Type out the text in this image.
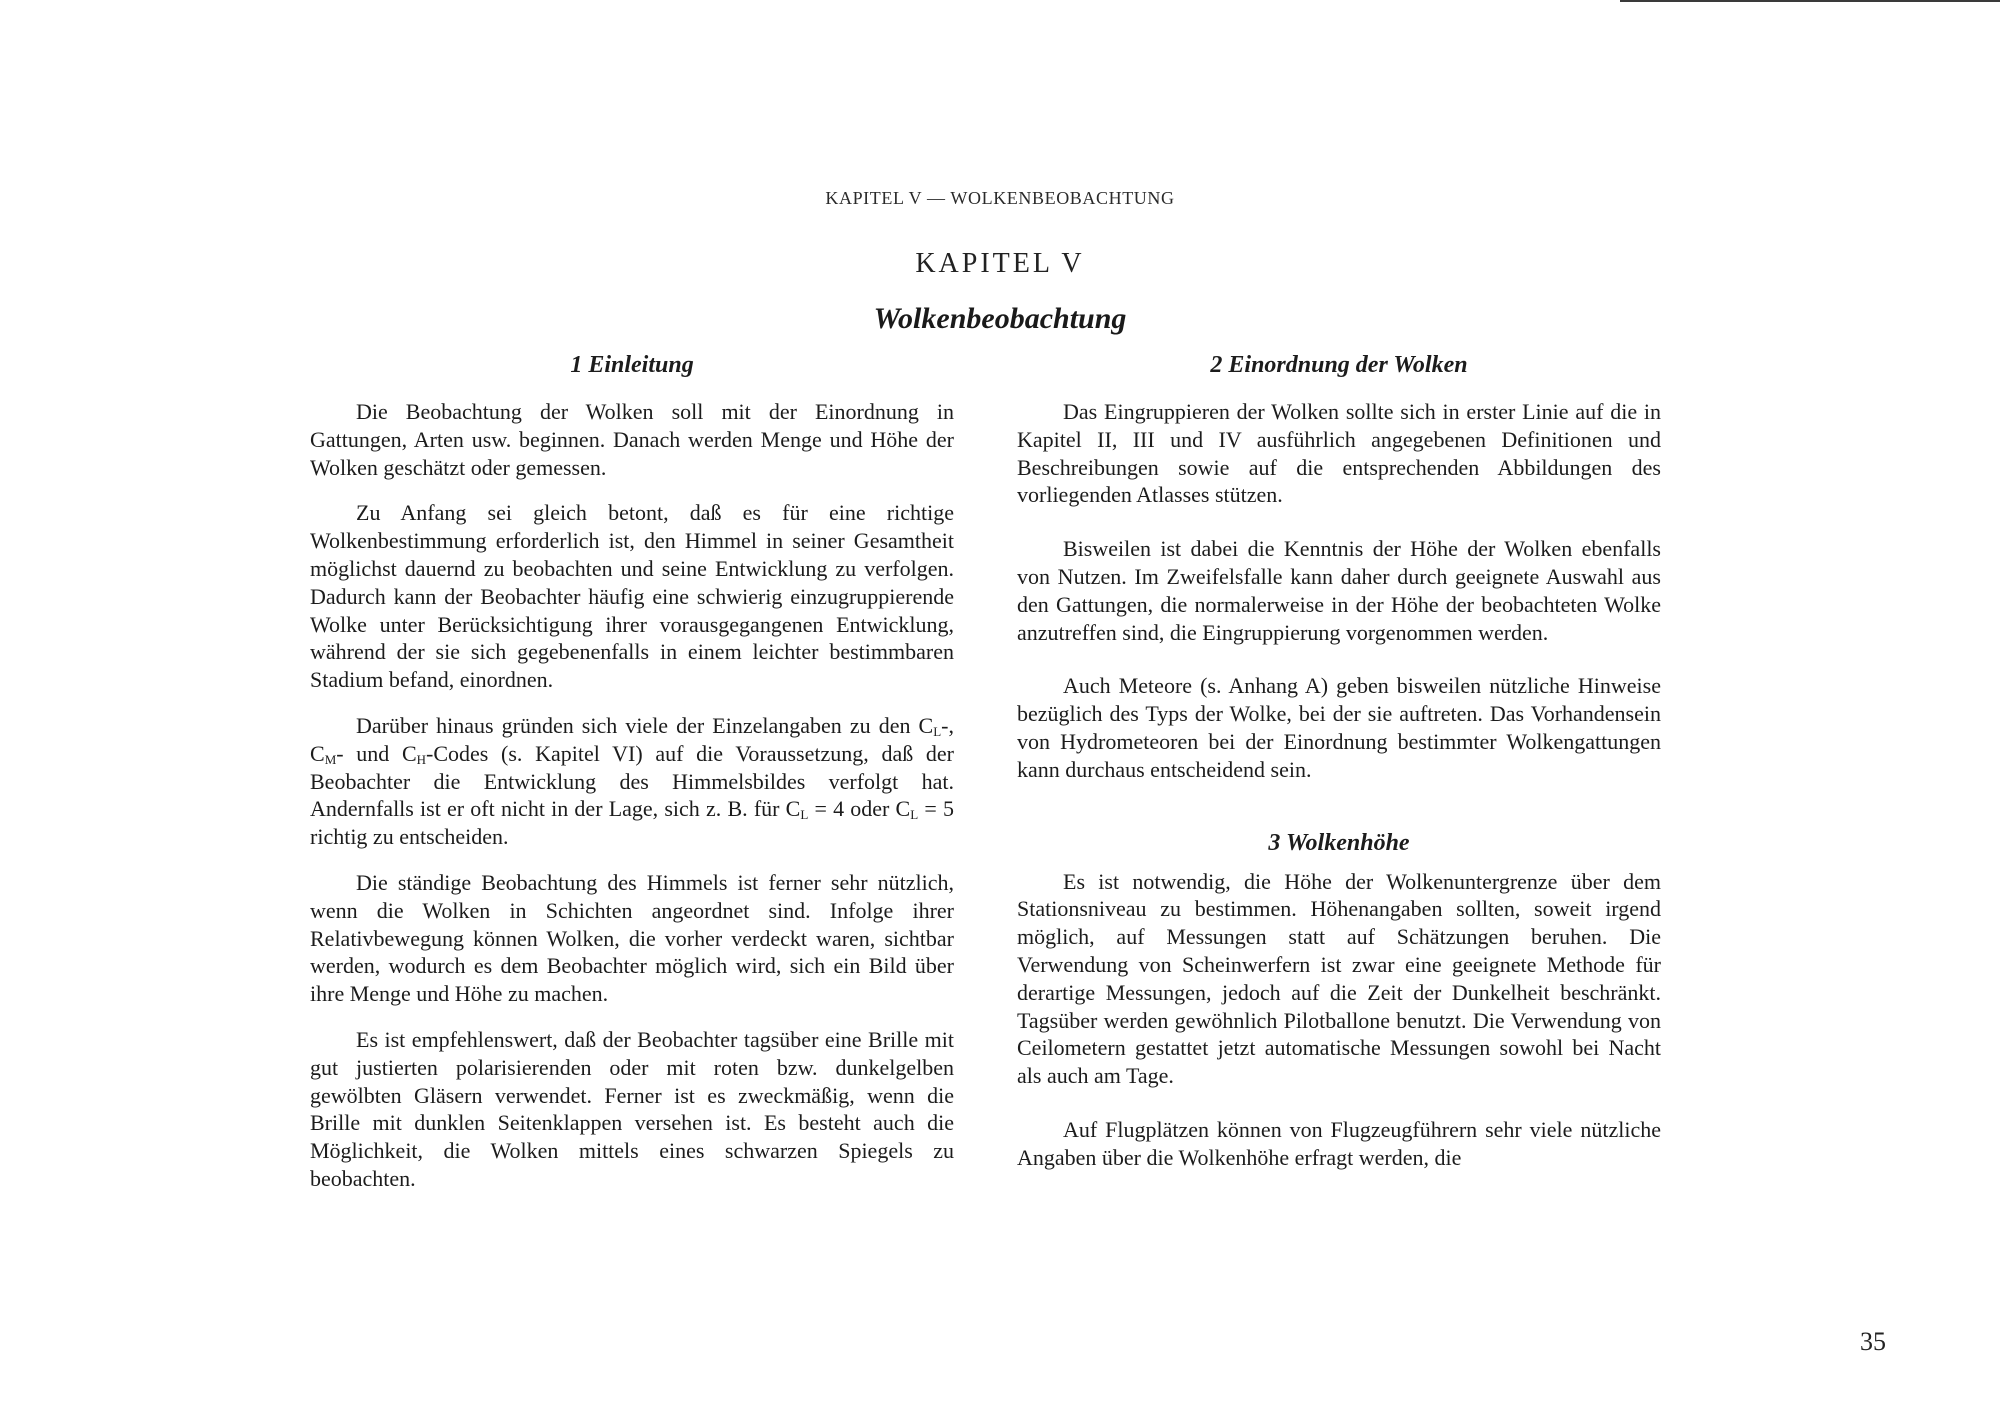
KAPITEL V — WOLKENBEOBACHTUNG
KAPITEL V
Wolkenbeobachtung
1 Einleitung

Die Beobachtung der Wolken soll mit der Einordnung in Gattungen, Arten usw. beginnen. Danach werden Menge und Höhe der Wolken geschätzt oder gemessen.

Zu Anfang sei gleich betont, daß es für eine richtige Wolkenbestimmung erforderlich ist, den Himmel in seiner Gesamtheit möglichst dauernd zu beobachten und seine Entwicklung zu verfolgen. Dadurch kann der Beobachter häufig eine schwierig einzugruppierende Wolke unter Berücksichtigung ihrer vorausgegangenen Entwicklung, während der sie sich gegebenenfalls in einem leichter bestimmbaren Stadium befand, einordnen.

Darüber hinaus gründen sich viele der Einzelangaben zu den $C_L-$, $C_M-$ und $C_H$-Codes (s. Kapitel VI) auf die Voraussetzung, daß der Beobachter die Entwicklung des Himmelsbildes verfolgt hat. Andernfalls ist er oft nicht in der Lage, sich z. B. für $C_L = 4$ oder $C_L = 5$ richtig zu entscheiden.

Die ständige Beobachtung des Himmels ist ferner sehr nützlich, wenn die Wolken in Schichten angeordnet sind. Infolge ihrer Relativbewegung können Wolken, die vorher verdeckt waren, sichtbar werden, wodurch es dem Beobachter möglich wird, sich ein Bild über ihre Menge und Höhe zu machen.

Es ist empfehlenswert, daß der Beobachter tagsüber eine Brille mit gut justierten polarisierenden oder mit roten bzw. dunkelgelben gewölbten Gläsern verwendet. Ferner ist es zweckmäßig, wenn die Brille mit dunklen Seitenklappen versehen ist. Es besteht auch die Möglichkeit, die Wolken mittels eines schwarzen Spiegels zu beobachten.

2 Einordnung der Wolken

Das Eingruppieren der Wolken sollte sich in erster Linie auf die in Kapitel II, III und IV ausführlich angegebenen Definitionen und Beschreibungen sowie auf die entsprechenden Abbildungen des vorliegenden Atlasses stützen.

Bisweilen ist dabei die Kenntnis der Höhe der Wolken ebenfalls von Nutzen. Im Zweifelsfalle kann daher durch geeignete Auswahl aus den Gattungen, die normalerweise in der Höhe der beobachteten Wolke anzutreffen sind, die Eingruppierung vorgenommen werden.

Auch Meteore (s. Anhang A) geben bisweilen nützliche Hinweise bezüglich des Typs der Wolke, bei der sie auftreten. Das Vorhandensein von Hydrometeoren bei der Einordnung bestimmter Wolkengattungen kann durchaus entscheidend sein.

3 Wolkenhöhe

Es ist notwendig, die Höhe der Wolkenuntergrenze über dem Stationsniveau zu bestimmen. Höhenangaben sollten, soweit irgend möglich, auf Messungen statt auf Schätzungen beruhen. Die Verwendung von Scheinwerfern ist zwar eine geeignete Methode für derartige Messungen, jedoch auf die Zeit der Dunkelheit beschränkt. Tagsüber werden gewöhnlich Pilotballone benutzt. Die Verwendung von Ceilometern gestattet jetzt automatische Messungen sowohl bei Nacht als auch am Tage.

Auf Flugplätzen können von Flugzeugführern sehr viele nützliche Angaben über die Wolkenhöhe erfragt werden, die

35
